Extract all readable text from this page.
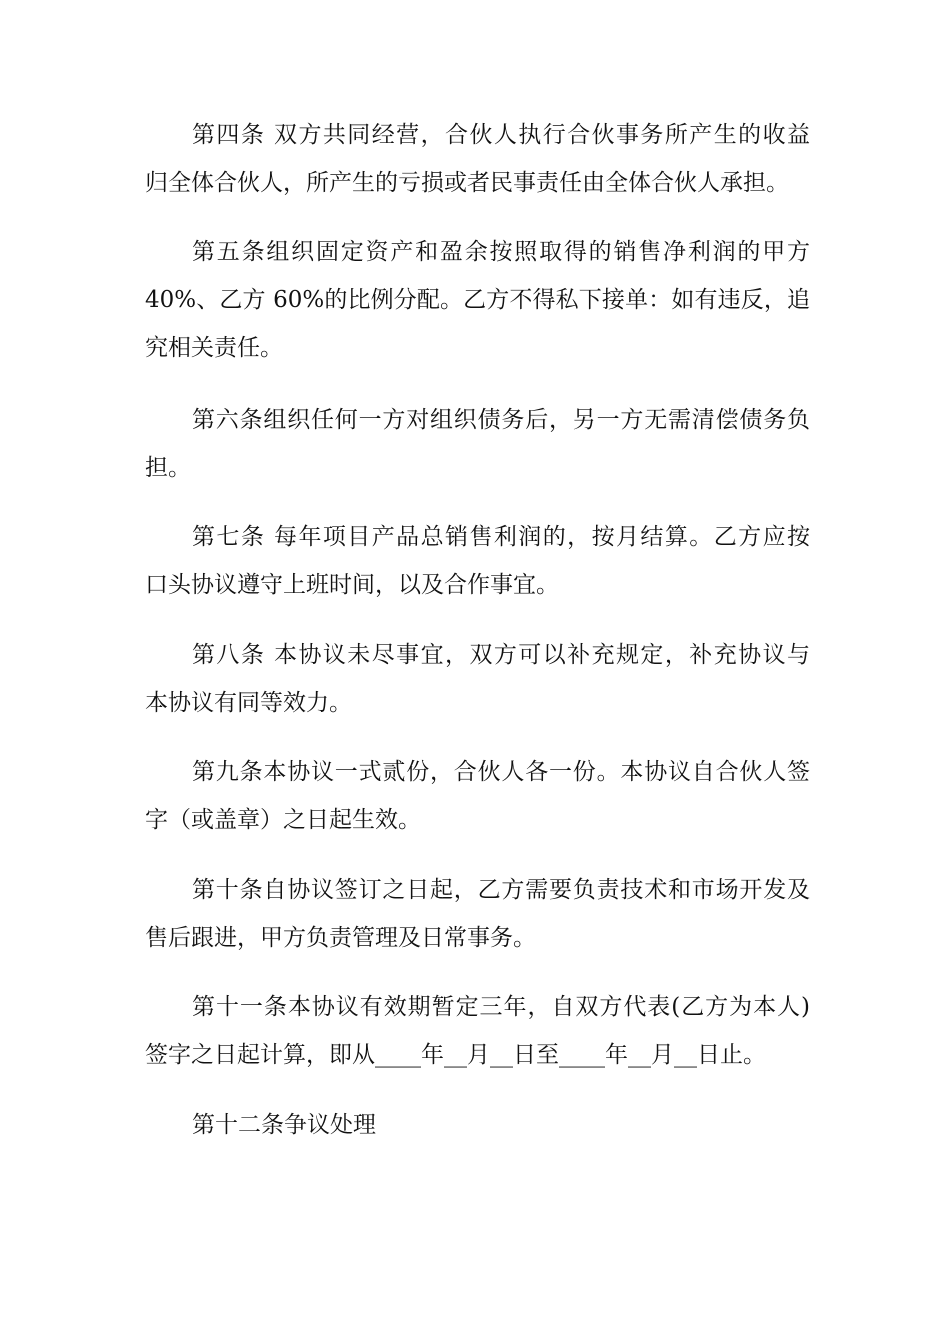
第四条 双方共同经营，合伙人执行合伙事务所产生的收益
归全体合伙人，所产生的亏损或者民事责任由全体合伙人承担。
第五条组织固定资产和盈余按照取得的销售净利润的甲方
40%、乙方 60%的比例分配。乙方不得私下接单：如有违反，追
究相关责任。
第六条组织任何一方对组织债务后，另一方无需清偿债务负
担。
第七条 每年项目产品总销售利润的，按月结算。乙方应按
口头协议遵守上班时间，以及合作事宜。
第八条 本协议未尽事宜，双方可以补充规定，补充协议与
本协议有同等效力。
第九条本协议一式贰份，合伙人各一份。本协议自合伙人签
字（或盖章）之日起生效。
第十条自协议签订之日起，乙方需要负责技术和市场开发及
售后跟进，甲方负责管理及日常事务。
第十一条本协议有效期暂定三年，自双方代表(乙方为本人)
签字之日起计算，即从____年__月__日至____年__月__日止。
第十二条争议处理
